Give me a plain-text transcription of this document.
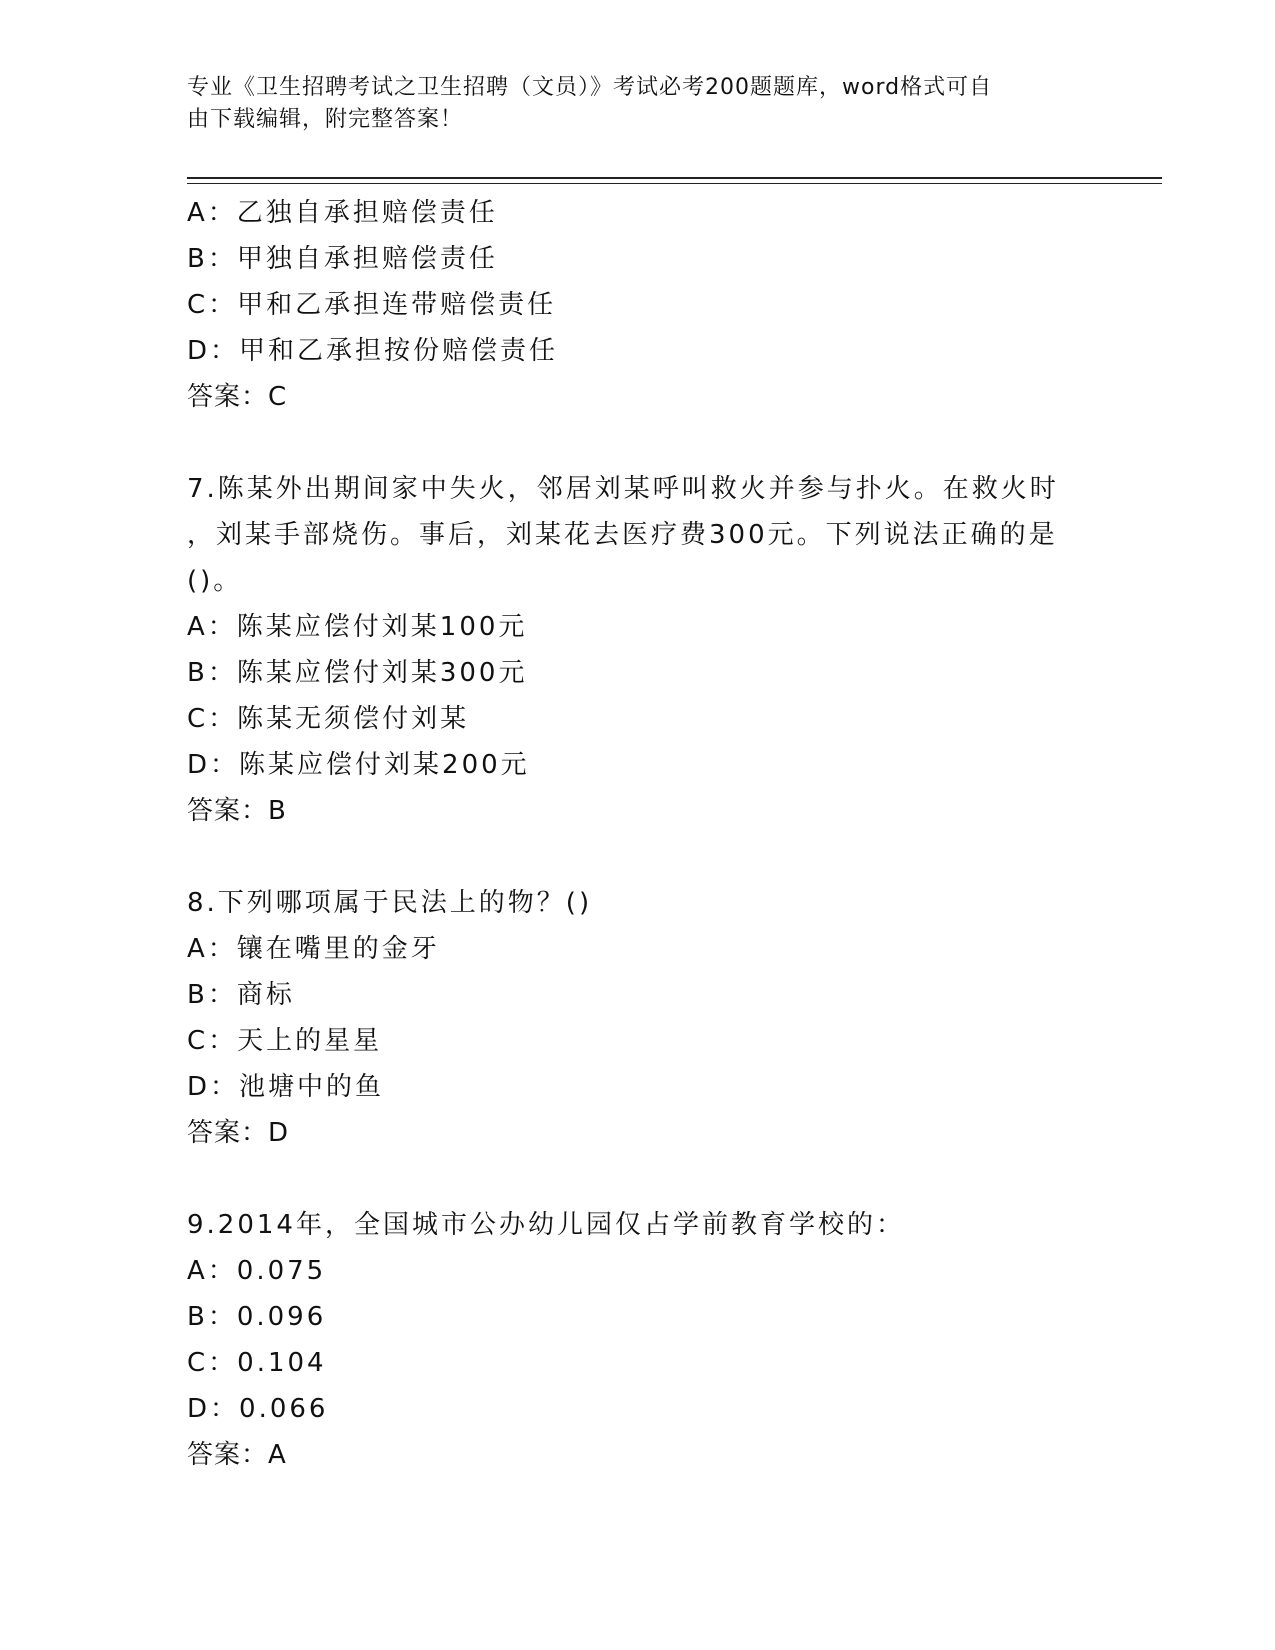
专业《卫生招聘考试之卫生招聘（文员）》考试必考200题题库，word格式可自
由下载编辑，附完整答案！
A：乙独自承担赔偿责任
B：甲独自承担赔偿责任
C：甲和乙承担连带赔偿责任
D：甲和乙承担按份赔偿责任
答案：C
7.陈某外出期间家中失火，邻居刘某呼叫救火并参与扑火。在救火时
，刘某手部烧伤。事后，刘某花去医疗费300元。下列说法正确的是
()。
A：陈某应偿付刘某100元
B：陈某应偿付刘某300元
C：陈某无须偿付刘某
D：陈某应偿付刘某200元
答案：B
8.下列哪项属于民法上的物？()
A：镶在嘴里的金牙
B：商标
C：天上的星星
D：池塘中的鱼
答案：D
9.2014年，全国城市公办幼儿园仅占学前教育学校的：
A：0.075
B：0.096
C：0.104
D：0.066
答案：A
